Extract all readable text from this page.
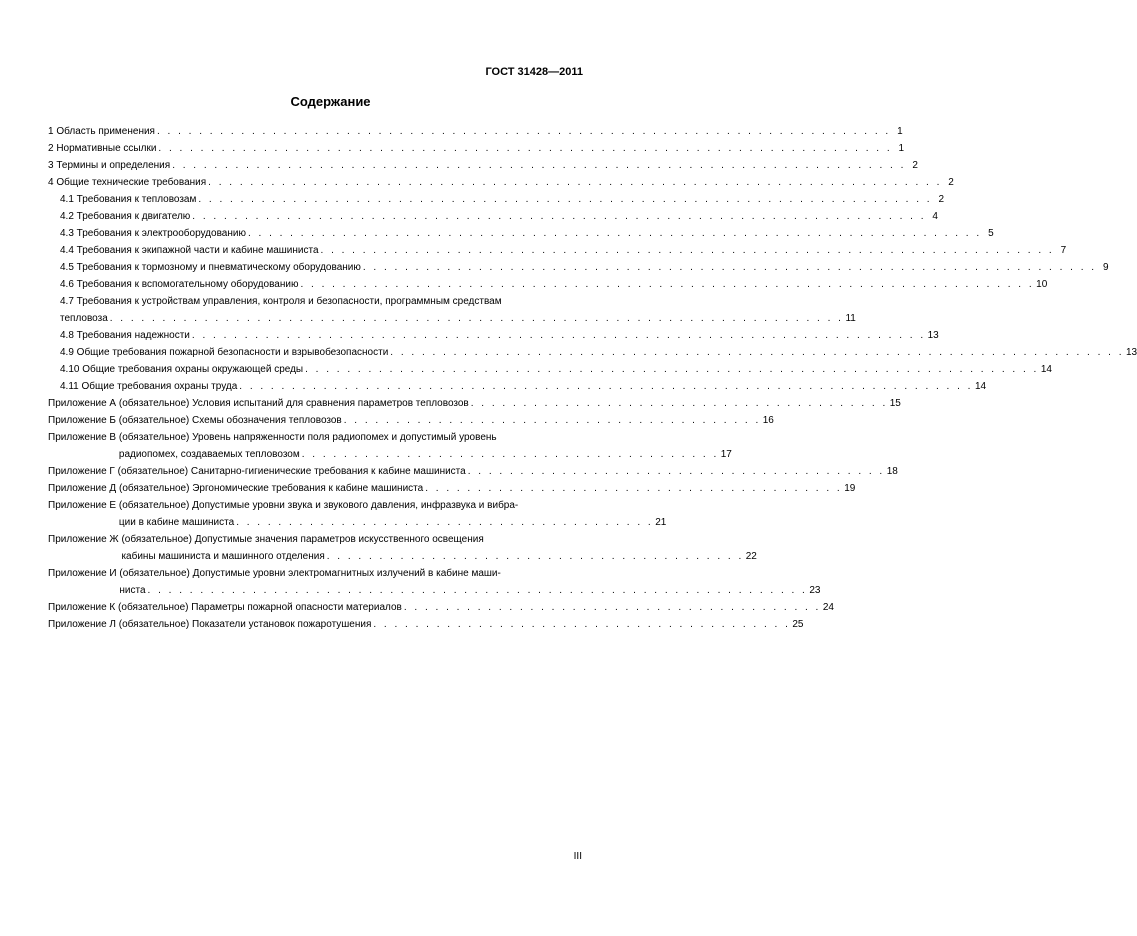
ГОСТ 31428—2011
Содержание
1 Область применения . . . . . . . . . . . . . . . . . . . . . . . . . . . . . . . . . . . . . . . . . . . . . . . . . . . . . . . . . . . . . . . . . . . . . . 1
2 Нормативные ссылки . . . . . . . . . . . . . . . . . . . . . . . . . . . . . . . . . . . . . . . . . . . . . . . . . . . . . . . . . . . . . . . . . . . . . . 1
3 Термины и определения . . . . . . . . . . . . . . . . . . . . . . . . . . . . . . . . . . . . . . . . . . . . . . . . . . . . . . . . . . . . . . . . . . . . . . 2
4 Общие технические требования . . . . . . . . . . . . . . . . . . . . . . . . . . . . . . . . . . . . . . . . . . . . . . . . . . . . . . . . . . . . . . . . . . . . . . 2
4.1 Требования к тепловозам . . . . . . . . . . . . . . . . . . . . . . . . . . . . . . . . . . . . . . . . . . . . . . . . . . . . . . . . . . . . . . . . . . . . . . 2
4.2 Требования к двигателю . . . . . . . . . . . . . . . . . . . . . . . . . . . . . . . . . . . . . . . . . . . . . . . . . . . . . . . . . . . . . . . . . . . . . . 4
4.3 Требования к электрооборудованию . . . . . . . . . . . . . . . . . . . . . . . . . . . . . . . . . . . . . . . . . . . . . . . . . . . . . . . . . . . . . . . . . . . . . . 5
4.4 Требования к экипажной части и кабине машиниста . . . . . . . . . . . . . . . . . . . . . . . . . . . . . . . . . . . . . . . . . . . . . . . . . . . . . . . . . . . . . . . . . . . . . . 7
4.5 Требования к тормозному и пневматическому оборудованию . . . . . . . . . . . . . . . . . . . . . . . . . . . . . . . . . . . . . . . . . . . . . . . . . . . . . . . . . . . . . . . . . . . . . . 9
4.6 Требования к вспомогательному оборудованию . . . . . . . . . . . . . . . . . . . . . . . . . . . . . . . . . . . . . . . . . . . . . . . . . . . . . . . . . . . . . . . . . . . . . . 10
4.7 Требования к устройствам управления, контроля и безопасности, программным средствам
тепловоза . . . . . . . . . . . . . . . . . . . . . . . . . . . . . . . . . . . . . . . . . . . . . . . . . . . . . . . . . . . . . . . . . . . . . . 11
4.8 Требования надежности . . . . . . . . . . . . . . . . . . . . . . . . . . . . . . . . . . . . . . . . . . . . . . . . . . . . . . . . . . . . . . . . . . . . . . 13
4.9 Общие требования пожарной безопасности и взрывобезопасности . . . . . . . . . . . . . . . . . . . . . . . . . . . . . . . . . . . . . . . . . . . . . . . . . . . . . . . . . . . . . . . . . . . . . . 13
4.10 Общие требования охраны окружающей среды . . . . . . . . . . . . . . . . . . . . . . . . . . . . . . . . . . . . . . . . . . . . . . . . . . . . . . . . . . . . . . . . . . . . . . 14
4.11 Общие требования охраны труда . . . . . . . . . . . . . . . . . . . . . . . . . . . . . . . . . . . . . . . . . . . . . . . . . . . . . . . . . . . . . . . . . . . . . . 14
Приложение А
(обязательное) Условия испытаний для сравнения параметров тепловозов . . . . . . . . . . . . . . . . . . . . . . . . . . . . . . . . . . . . . . . . 15
Приложение Б
(обязательное) Схемы обозначения тепловозов . . . . . . . . . . . . . . . . . . . . . . . . . . . . . . . . . . . . . . . . 16
Приложение В
(обязательное) Уровень напряженности поля радиопомех и допустимый уровень
радиопомех, создаваемых тепловозом . . . . . . . . . . . . . . . . . . . . . . . . . . . . . . . . . . . . . . . . 17
Приложение Г
(обязательное) Санитарно-гигиенические требования к кабине машиниста . . . . . . . . . . . . . . . . . . . . . . . . . . . . . . . . . . . . . . . . 18
Приложение Д
(обязательное) Эргономические требования к кабине машиниста . . . . . . . . . . . . . . . . . . . . . . . . . . . . . . . . . . . . . . . . 19
Приложение Е
(обязательное) Допустимые уровни звука и звукового давления, инфразвука и вибра-
ции в кабине машиниста . . . . . . . . . . . . . . . . . . . . . . . . . . . . . . . . . . . . . . . . 21
Приложение Ж
(обязательное) Допустимые значения параметров искусственного освещения
кабины машиниста и машинного отделения . . . . . . . . . . . . . . . . . . . . . . . . . . . . . . . . . . . . . . . . 22
Приложение И
(обязательное) Допустимые уровни электромагнитных излучений в кабине маши-
ниста . . . . . . . . . . . . . . . . . . . . . . . . . . . . . . . . . . . . . . . . . . . . . . . . . . . . . . . . . . . . . . . 23
Приложение К
(обязательное) Параметры пожарной опасности материалов . . . . . . . . . . . . . . . . . . . . . . . . . . . . . . . . . . . . . . . . 24
Приложение Л
(обязательное) Показатели установок пожаротушения . . . . . . . . . . . . . . . . . . . . . . . . . . . . . . . . . . . . . . . . 25
III
